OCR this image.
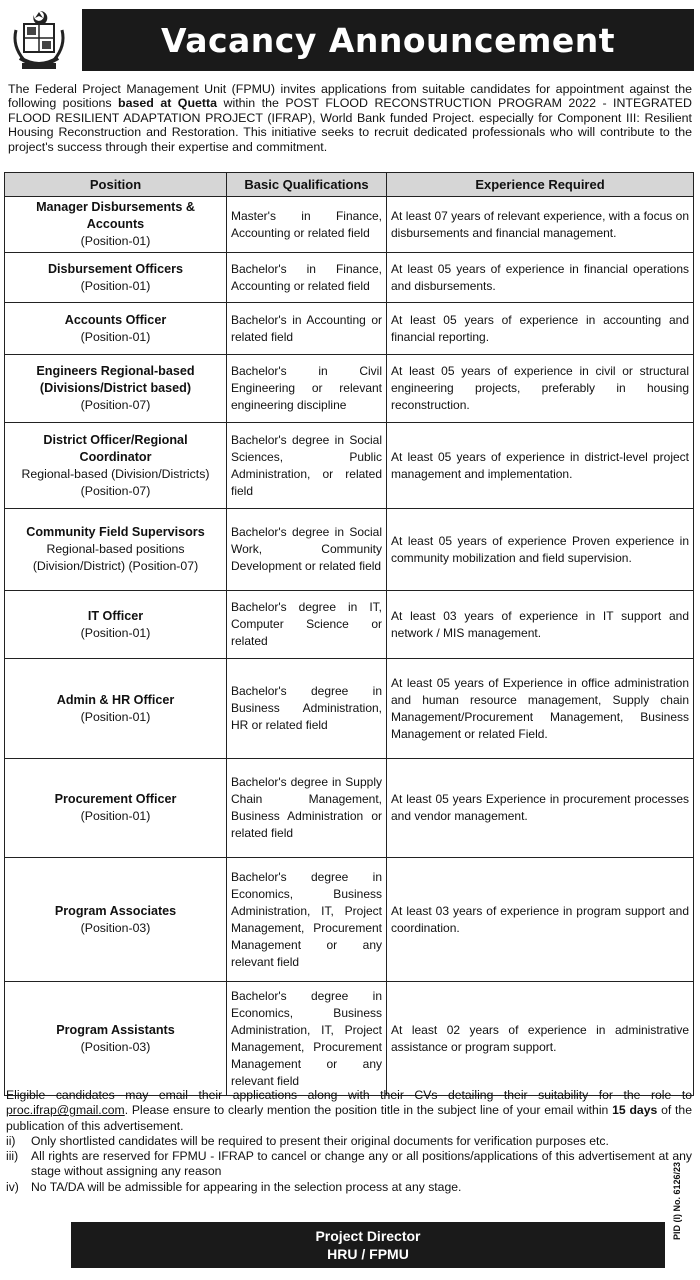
Vacancy Announcement

The Federal Project Management Unit (FPMU) invites applications from suitable candidates for appointment against the following positions based at Quetta within the POST FLOOD RECONSTRUCTION PROGRAM 2022 - INTEGRATED FLOOD RESILIENT ADAPTATION PROJECT (IFRAP), World Bank funded Project. especially for Component III: Resilient Housing Reconstruction and Restoration. This initiative seeks to recruit dedicated professionals who will contribute to the project's success through their expertise and commitment.

Position	Basic Qualifications	Experience Required

Manager Disbursements & Accounts
(Position-01)	Master's in Finance, Accounting or related field	At least 07 years of relevant experience, with a focus on disbursements and financial management.

Disbursement Officers
(Position-01)	Bachelor's in Finance, Accounting or related field	At least 05 years of experience in financial operations and disbursements.

Accounts Officer
(Position-01)	Bachelor's in Accounting or related field	At least 05 years of experience in accounting and financial reporting.

Engineers Regional-based (Divisions/District based)
(Position-07)	Bachelor's in Civil Engineering or relevant engineering discipline	At least 05 years of experience in civil or structural engineering projects, preferably in housing reconstruction.

District Officer/Regional Coordinator
Regional-based (Division/Districts) (Position-07)	Bachelor's degree in Social Sciences, Public Administration, or related field	At least 05 years of experience in district-level project management and implementation.

Community Field Supervisors
Regional-based positions (Division/District) (Position-07)	Bachelor's degree in Social Work, Community Development or related field	At least 05 years of experience Proven experience in community mobilization and field supervision.

IT Officer
(Position-01)	Bachelor's degree in IT, Computer Science or related	At least 03 years of experience in IT support and network / MIS management.

Admin & HR Officer
(Position-01)	Bachelor's degree in Business Administration, HR or related field	At least 05 years of Experience in office administration and human resource management, Supply chain Management/Procurement Management, Business Management or related Field.

Procurement Officer
(Position-01)	Bachelor's degree in Supply Chain Management, Business Administration or related field	At least 05 years Experience in procurement processes and vendor management.

Program Associates
(Position-03)	Bachelor's degree in Economics, Business Administration, IT, Project Management, Procurement Management or any relevant field	At least 03 years of experience in program support and coordination.

Program Assistants
(Position-03)	Bachelor's degree in Economics, Business Administration, IT, Project Management, Procurement Management or any relevant field	At least 02 years of experience in administrative assistance or program support.

Eligible candidates may email their applications along with their CVs detailing their suitability for the role to proc.ifrap@gmail.com. Please ensure to clearly mention the position title in the subject line of your email within 15 days of the publication of this advertisement.

ii)	Only shortlisted candidates will be required to present their original documents for verification purposes etc.
iii)	All rights are reserved for FPMU - IFRAP to cancel or change any or all positions/applications of this advertisement at any stage without assigning any reason
iv) No TA/DA will be admissible for appearing in the selection process at any stage.
Project Director
HRU / FPMU
PID (I) No. 6126/23
